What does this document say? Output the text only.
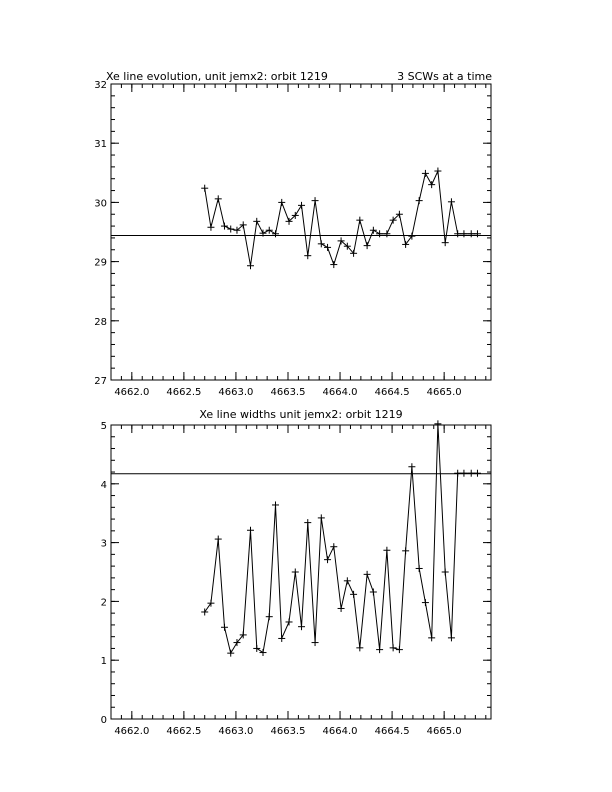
Xe line evolution, unit jemx2: orbit 1219	3 SCWs at a time
4662.0 4662.5 4663.0 4663.5 4664.0 4664.5 4665.0
27
28
29
30
31
32
Xe line widths unit jemx2: orbit 1219
4662.0 4662.5 4663.0 4663.5 4664.0 4664.5 4665.0
0
1
2
3
4
5
